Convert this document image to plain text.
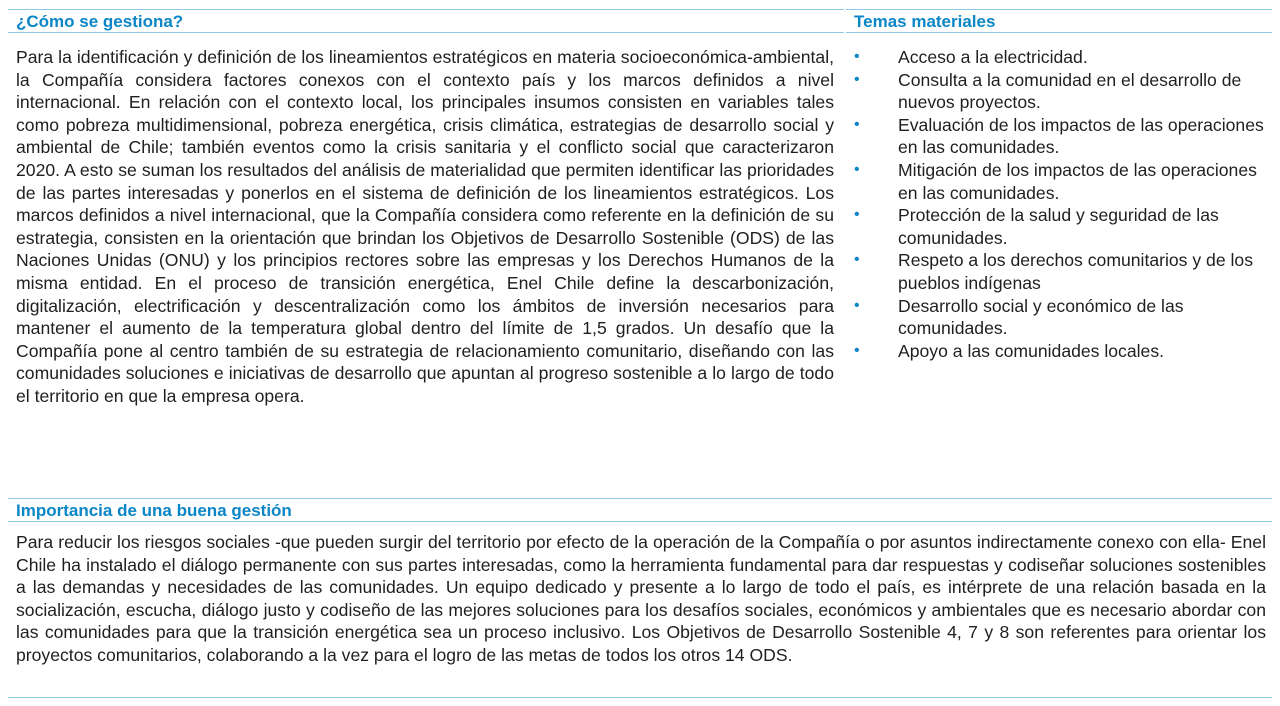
¿Cómo se gestiona?	Temas materiales

Para la identificación y definición de los lineamientos estratégicos en materia socioeconómica-ambiental, la Compañía considera factores conexos con el contexto país y los marcos definidos a nivel internacional. En relación con el contexto local, los principales insumos consisten en variables tales como pobreza multidimensional, pobreza energética, crisis climática, estrategias de desarrollo social y ambiental de Chile; también eventos como la crisis sanitaria y el conflicto social que caracterizaron 2020. A esto se suman los resultados del análisis de materialidad que permiten identificar las prioridades de las partes interesadas y ponerlos en el sistema de definición de los lineamientos estratégicos. Los marcos definidos a nivel internacional, que la Compañía considera como referente en la definición de su estrategia, consisten en la orientación que brindan los Objetivos de Desarrollo Sostenible (ODS) de las Naciones Unidas (ONU) y los principios rectores sobre las empresas y los Derechos Humanos de la misma entidad. En el proceso de transición energética, Enel Chile define la descarbonización, digitalización, electrificación y descentralización como los ámbitos de inversión necesarios para mantener el aumento de la temperatura global dentro del límite de 1,5 grados. Un desafío que la Compañía pone al centro también de su estrategia de relacionamiento comunitario, diseñando con las comunidades soluciones e iniciativas de desarrollo que apuntan al progreso sostenible a lo largo de todo el territorio en que la empresa opera.

• Acceso a la electricidad.
• Consulta a la comunidad en el desarrollo de nuevos proyectos.
• Evaluación de los impactos de las operaciones en las comunidades.
• Mitigación de los impactos de las operaciones en las comunidades.
• Protección de la salud y seguridad de las comunidades.
• Respeto a los derechos comunitarios y de los pueblos indígenas
• Desarrollo social y económico de las comunidades.
• Apoyo a las comunidades locales.
Importancia de una buena gestión

Para reducir los riesgos sociales -que pueden surgir del territorio por efecto de la operación de la Compañía o por asuntos indirectamente conexo con ella- Enel Chile ha instalado el diálogo permanente con sus partes interesadas, como la herramienta fundamental para dar respuestas y codiseñar soluciones sostenibles a las demandas y necesidades de las comunidades. Un equipo dedicado y presente a lo largo de todo el país, es intérprete de una relación basada en la socialización, escucha, diálogo justo y codiseño de las mejores soluciones para los desafíos sociales, económicos y ambientales que es necesario abordar con las comunidades para que la transición energética sea un proceso inclusivo. Los Objetivos de Desarrollo Sostenible 4, 7 y 8 son referentes para orientar los proyectos comunitarios, colaborando a la vez para el logro de las metas de todos los otros 14 ODS.
